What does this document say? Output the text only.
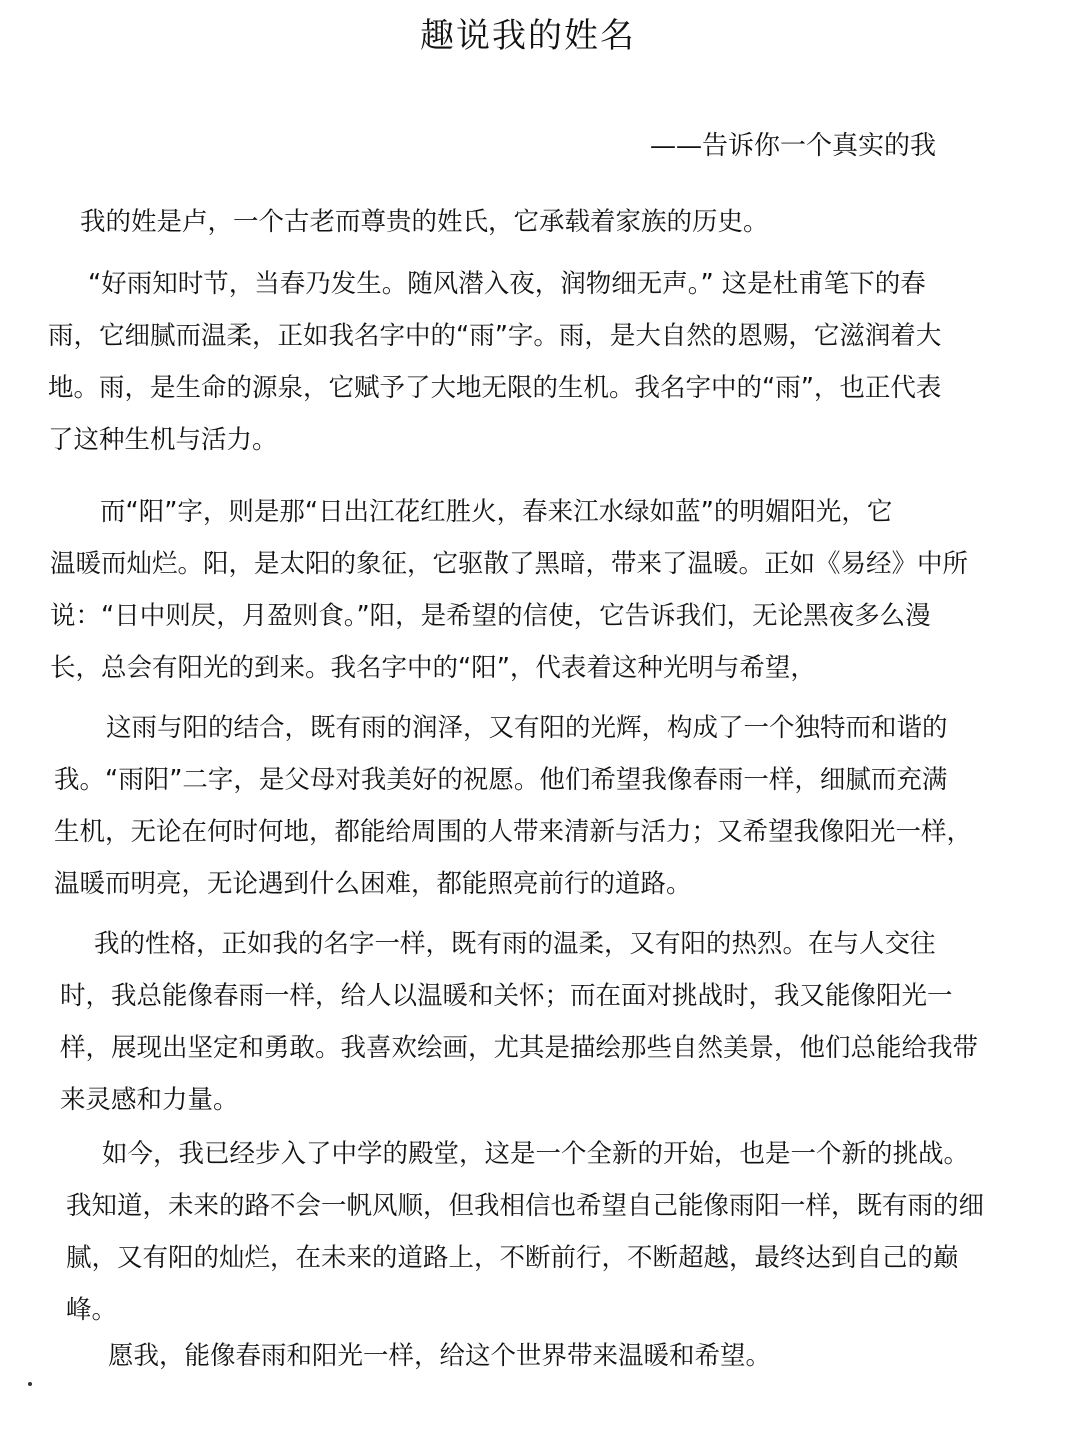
趣说我的姓名
——告诉你一个真实的我
我的姓是卢，一个古老而尊贵的姓氏，它承载着家族的历史。
“好雨知时节，当春乃发生。随风潜入夜，润物细无声。” 这是杜甫笔下的春
雨，它细腻而温柔，正如我名字中的“雨”字。雨，是大自然的恩赐，它滋润着大
地。雨，是生命的源泉，它赋予了大地无限的生机。我名字中的“雨”，也正代表
了这种生机与活力。
而“阳”字，则是那“日出江花红胜火，春来江水绿如蓝”的明媚阳光，它
温暖而灿烂。阳，是太阳的象征，它驱散了黑暗，带来了温暖。正如《易经》中所
说：“日中则昃，月盈则食。”阳，是希望的信使，它告诉我们，无论黑夜多么漫
长，总会有阳光的到来。我名字中的“阳”，代表着这种光明与希望，
这雨与阳的结合，既有雨的润泽，又有阳的光辉，构成了一个独特而和谐的
我。“雨阳”二字，是父母对我美好的祝愿。他们希望我像春雨一样，细腻而充满
生机，无论在何时何地，都能给周围的人带来清新与活力；又希望我像阳光一样，
温暖而明亮，无论遇到什么困难，都能照亮前行的道路。
我的性格，正如我的名字一样，既有雨的温柔，又有阳的热烈。在与人交往
时，我总能像春雨一样，给人以温暖和关怀；而在面对挑战时，我又能像阳光一
样，展现出坚定和勇敢。我喜欢绘画，尤其是描绘那些自然美景，他们总能给我带
来灵感和力量。
如今，我已经步入了中学的殿堂，这是一个全新的开始，也是一个新的挑战。
我知道，未来的路不会一帆风顺，但我相信也希望自己能像雨阳一样，既有雨的细
腻，又有阳的灿烂，在未来的道路上，不断前行，不断超越，最终达到自己的巅
峰。
愿我，能像春雨和阳光一样，给这个世界带来温暖和希望。
